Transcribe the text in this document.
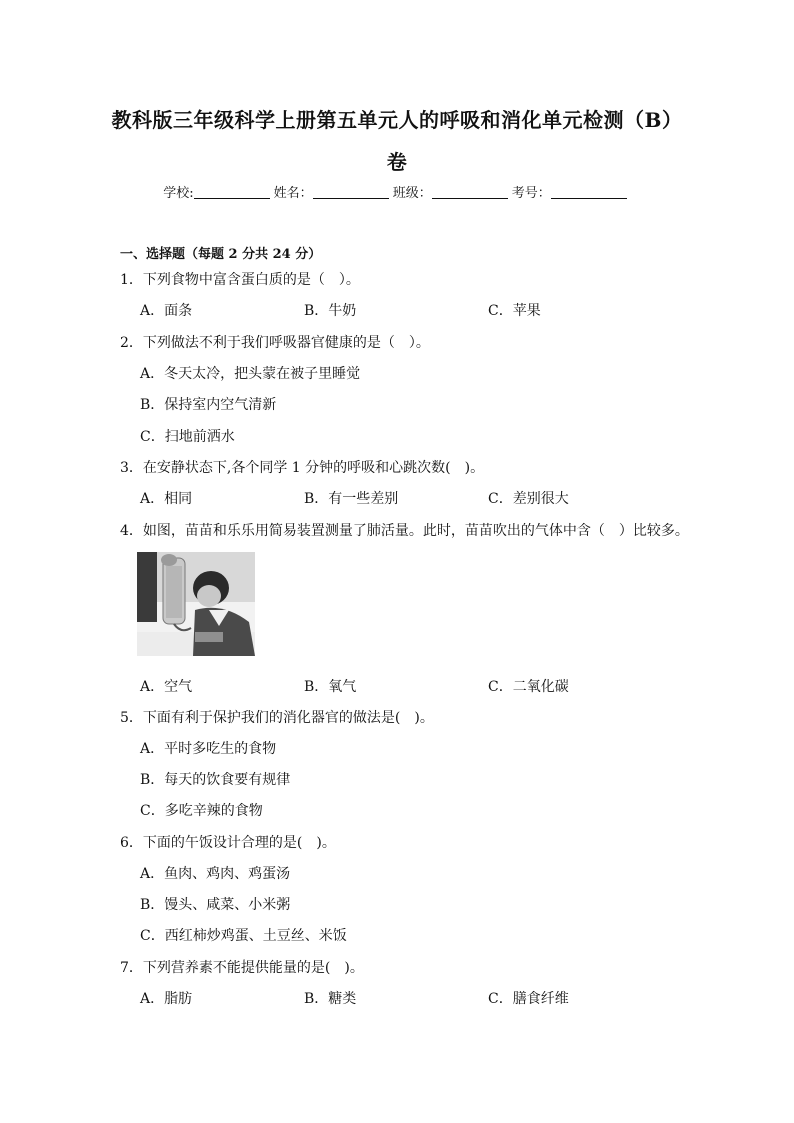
教科版三年级科学上册第五单元人的呼吸和消化单元检测（B）
卷
学校:	姓名：	班级：	考号：
一、选择题（每题 2 分共 24 分）
1．下列食物中富含蛋白质的是（　）。
A．面条	B．牛奶	C．苹果
2．下列做法不利于我们呼吸器官健康的是（　）。
A．冬天太冷，把头蒙在被子里睡觉
B．保持室内空气清新
C．扫地前洒水
3．在安静状态下,各个同学 1 分钟的呼吸和心跳次数(　)。
A．相同	B．有一些差别	C．差别很大
4．如图，苗苗和乐乐用简易装置测量了肺活量。此时，苗苗吹出的气体中含（　）比较多。
A．空气	B．氧气	C．二氧化碳
5．下面有利于保护我们的消化器官的做法是(　)。
A．平时多吃生的食物
B．每天的饮食要有规律
C．多吃辛辣的食物
6．下面的午饭设计合理的是(　)。
A．鱼肉、鸡肉、鸡蛋汤
B．馒头、咸菜、小米粥
C．西红柿炒鸡蛋、土豆丝、米饭
7．下列营养素不能提供能量的是(　)。
A．脂肪	B．糖类	C．膳食纤维
